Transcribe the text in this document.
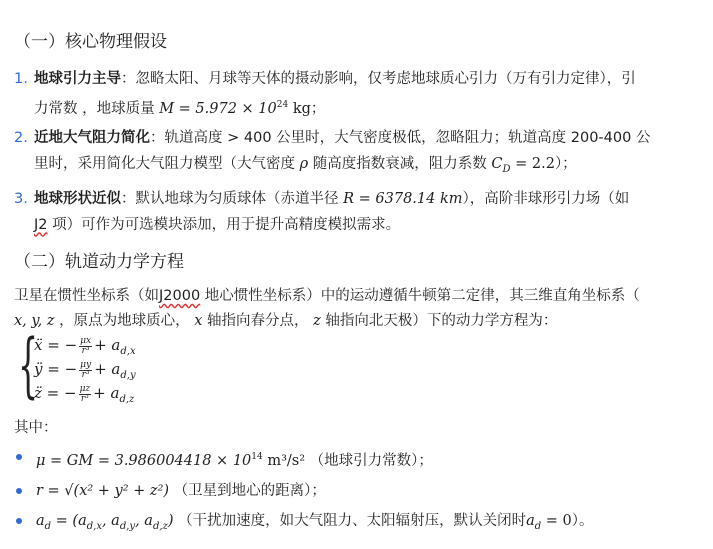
（一）核心物理假设
1. 地球引力主导：忽略太阳、月球等天体的摄动影响，仅考虑地球质心引力（万有引力定律），引
力常数 ，地球质量 $M = 5.972 \times 10^{24}$ kg；
2. 近地大气阻力简化：轨道高度 > 400 公里时，大气密度极低，忽略阻力；轨道高度 200-400 公
里时，采用简化大气阻力模型（大气密度 ρ 随高度指数衰减，阻力系数 $C_D = 2.2$）；
3. 地球形状近似：默认地球为匀质球体（赤道半径 R = 6378.14 km），高阶非球形引力场（如
J2 项）可作为可选模块添加，用于提升高精度模拟需求。
（二）轨道动力学方程
卫星在惯性坐标系（如J2000 地心惯性坐标系）中的运动遵循牛顿第二定律，其三维直角坐标系（
x, y, z ，原点为地球质心， x 轴指向春分点， z 轴指向北天极）下的动力学方程为：
{
ẍ = − $\frac{\mu x}{\text{r³}} + a_{d,x}$
ÿ = − $\frac{\mu y}{\text{r³}} + a_{d,y}$
z̈ = − $\frac{\mu z}{\text{r³}} + a_{d,z}$
其中：
μ = GM = $3.986004418 \times 10^{14}$ m³/s² （地球引力常数）；
r = √(x² + y² + z²) （卫星到地心的距离）；
$a_d = (a_{d,x}$, $a_{d,y}$, $a_{d,z}$) （干扰加速度，如大气阻力、太阳辐射压，默认关闭时$a_d = 0$）。
